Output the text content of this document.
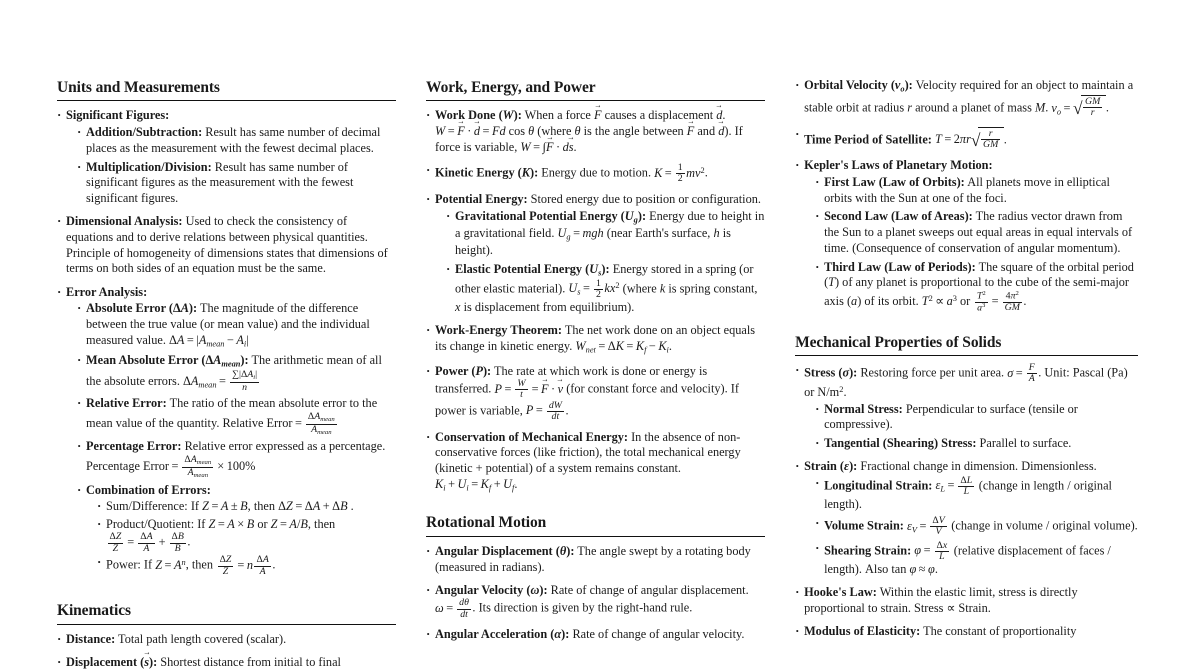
Units and Measurements
· Significant Figures:
· Addition/Subtraction: Result has same number of decimal places as the measurement with the fewest decimal places.
· Multiplication/Division: Result has same number of significant figures as the measurement with the fewest significant figures.
· Dimensional Analysis: Used to check the consistency of equations and to derive relations between physical quantities. Principle of homogeneity of dimensions states that dimensions of terms on both sides of an equation must be the same.
· Error Analysis:
· Absolute Error (ΔA): The magnitude of the difference between the true value (or mean value) and the individual measured value. $\Delta A = |A_{mean} - A_i|$
· Mean Absolute Error $(\Delta A_{mean})$: The arithmetic mean of all the absolute errors. $\Delta A_{mean} = \frac{\sum|\Delta A_i|}{n}$
· Relative Error: The ratio of the mean absolute error to the mean value of the quantity. Relative Error = $\frac{\Delta A_{mean}}{A_{mean}}$
· Percentage Error: Relative error expressed as a percentage. Percentage Error = $\frac{\Delta A_{mean}}{A_{mean}} \times 100\%$
· Combination of Errors:
· Sum/Difference: If Z = A ± B, then ΔZ = ΔA + ΔB .
· Product/Quotient: If Z = A × B or Z = A/B, then
$\frac{\Delta Z}{Z} = \frac{\Delta A}{A} + \frac{\Delta B}{B}$ .
· Power: If $Z = A^n$, then $\frac{\Delta Z}{Z} = n \frac{\Delta A}{A}$ .
Kinematics
· Distance: Total path length covered (scalar).
· Displacement (s →): Shortest distance from initial to final
Work, Energy, and Power
· Work Done (W): When a force F → causes a displacement d →. W = F → · d → = Fd cos θ (where θ is the angle between F → and d →). If force is variable, W = ∫F → · ds →.
· Kinetic Energy (K): Energy due to motion. $K = \frac{1}{2} mv^2$.
· Potential Energy: Stored energy due to position or configuration.
· Gravitational Potential Energy $(U_g)$: Energy due to height in a gravitational field. $U_g$ = mgh (near Earth's surface, h is height).
· Elastic Potential Energy $(U_s)$: Energy stored in a spring (or other elastic material). $U_s = \frac{1}{2} kx^2$ (where k is spring constant, x is displacement from equilibrium).
· Work-Energy Theorem: The net work done on an object equals its change in kinetic energy. $W_{net} = \Delta K = K_f - K_i$.
· Power (P): The rate at which work is done or energy is transferred. $P = \frac{W}{t} = F$ → · v → (for constant force and velocity). If power is variable, $P = \frac{dW}{dt}$ .
· Conservation of Mechanical Energy: In the absence of non-conservative forces (like friction), the total mechanical energy (kinetic + potential) of a system remains constant. $K_i + U_i = K_f + U_f$.
Rotational Motion
· Angular Displacement (θ): The angle swept by a rotating body (measured in radians).
· Angular Velocity (ω): Rate of change of angular displacement. $\omega = \frac{d\theta}{dt}$ . Its direction is given by the right-hand rule.
· Angular Acceleration (α): Rate of change of angular velocity.
· Orbital Velocity $(v_o)$: Velocity required for an object to maintain a stable orbit at radius r around a planet of mass M. $v_o$ = √ $\frac{GM}{r}$ .
· Time Period of Satellite: $T = 2\pi r√ \frac{r}{GM}$ .
· Kepler's Laws of Planetary Motion:
· First Law (Law of Orbits): All planets move in elliptical orbits with the Sun at one of the foci.
· Second Law (Law of Areas): The radius vector drawn from the Sun to a planet sweeps out equal areas in equal intervals of time. (Consequence of conservation of angular momentum).
· Third Law (Law of Periods): The square of the orbital period (T) of any planet is proportional to the cube of the semi-major axis (a) of its orbit. $T^2 \propto a^3$ or $\frac{T^2}{a^3} = \frac{4\pi^2}{GM}$ .
Mechanical Properties of Solids
· Stress (σ): Restoring force per unit area. $\sigma = \frac{F}{A}$ . Unit: Pascal (Pa) or $N/m^2$.
· Normal Stress: Perpendicular to surface (tensile or compressive).
· Tangential (Shearing) Stress: Parallel to surface.
· Strain (ε): Fractional change in dimension. Dimensionless.
· Longitudinal Strain: $\varepsilon_L = \frac{\Delta L}{L}$ (change in length / original length).
· Volume Strain: $\varepsilon_V = \frac{\Delta V}{V}$ (change in volume / original volume).
· Shearing Strain: $\varphi = \frac{\Delta x}{L}$ (relative displacement of faces / length). Also tan φ ≈ φ.
· Hooke's Law: Within the elastic limit, stress is directly proportional to strain. Stress ∝ Strain.
· Modulus of Elasticity: The constant of proportionality
